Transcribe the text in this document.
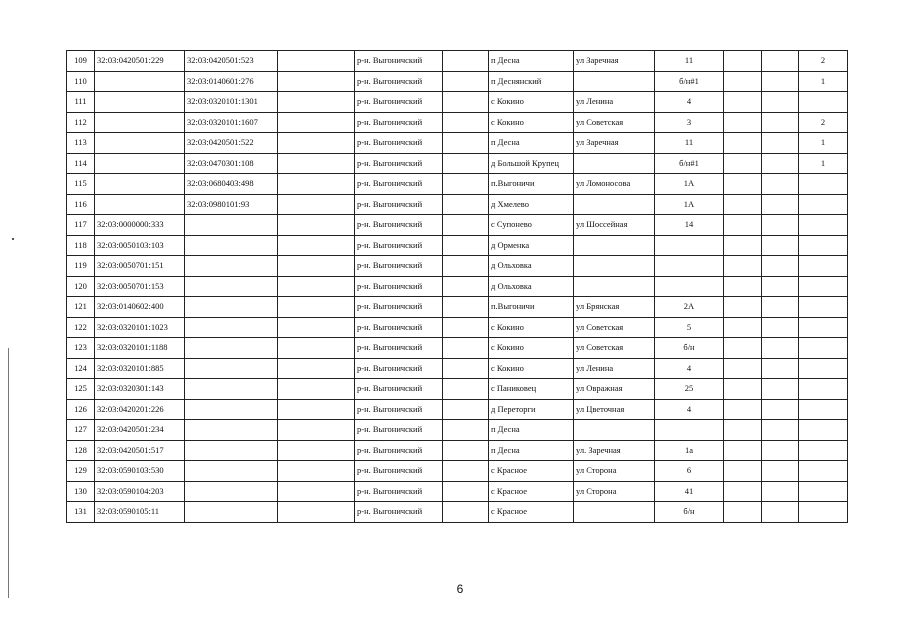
109	32:03:0420501:229	32:03:0420501:523		р-н. Выгоничский		п Десна	ул Заречная	11			2
110		32:03:0140601:276		р-н. Выгоничский		п Деснянский		б/н#1			1
111		32:03:0320101:1301		р-н. Выгоничский		с Кокино	ул Ленина	4			
112		32:03:0320101:1607		р-н. Выгоничский		с Кокино	ул Советская	3			2
113		32:03:0420501:522		р-н. Выгоничский		п Десна	ул Заречная	11			1
114		32:03:0470301:108		р-н. Выгоничский		д Большой Крупец		б/н#1			1
115		32:03:0680403:498		р-н. Выгоничский		п.Выгоничи	ул Ломоносова	1А			
116		32:03:0980101:93		р-н. Выгоничский		д Хмелево		1А			
117	32:03:0000000:333			р-н. Выгоничский		с Супонево	ул Шоссейная	14			
118	32:03:0050103:103			р-н. Выгоничский		д Орменка					
119	32:03:0050701:151			р-н. Выгоничский		д Ольховка					
120	32:03:0050701:153			р-н. Выгоничский		д Ольховка					
121	32:03:0140602:400			р-н. Выгоничский		п.Выгоничи	ул Брянская	2А			
122	32:03:0320101:1023			р-н. Выгоничский		с Кокино	ул Советская	5			
123	32:03:0320101:1188			р-н. Выгоничский		с Кокино	ул Советская	б/н			
124	32:03:0320101:885			р-н. Выгоничский		с Кокино	ул Ленина	4			
125	32:03:0320301:143			р-н. Выгоничский		с Паниковец	ул Овражная	25			
126	32:03:0420201:226			р-н. Выгоничский		д Переторги	ул Цветочная	4			
127	32:03:0420501:234			р-н. Выгоничский		п Десна					
128	32:03:0420501:517			р-н. Выгоничский		п Десна	ул. Заречная	1а			
129	32:03:0590103:530			р-н. Выгоничский		с Красное	ул Сторона	6			
130	32:03:0590104:203			р-н. Выгоничский		с Красное	ул Сторона	41			
131	32:03:0590105:11			р-н. Выгоничский		с Красное		б/н			
6
